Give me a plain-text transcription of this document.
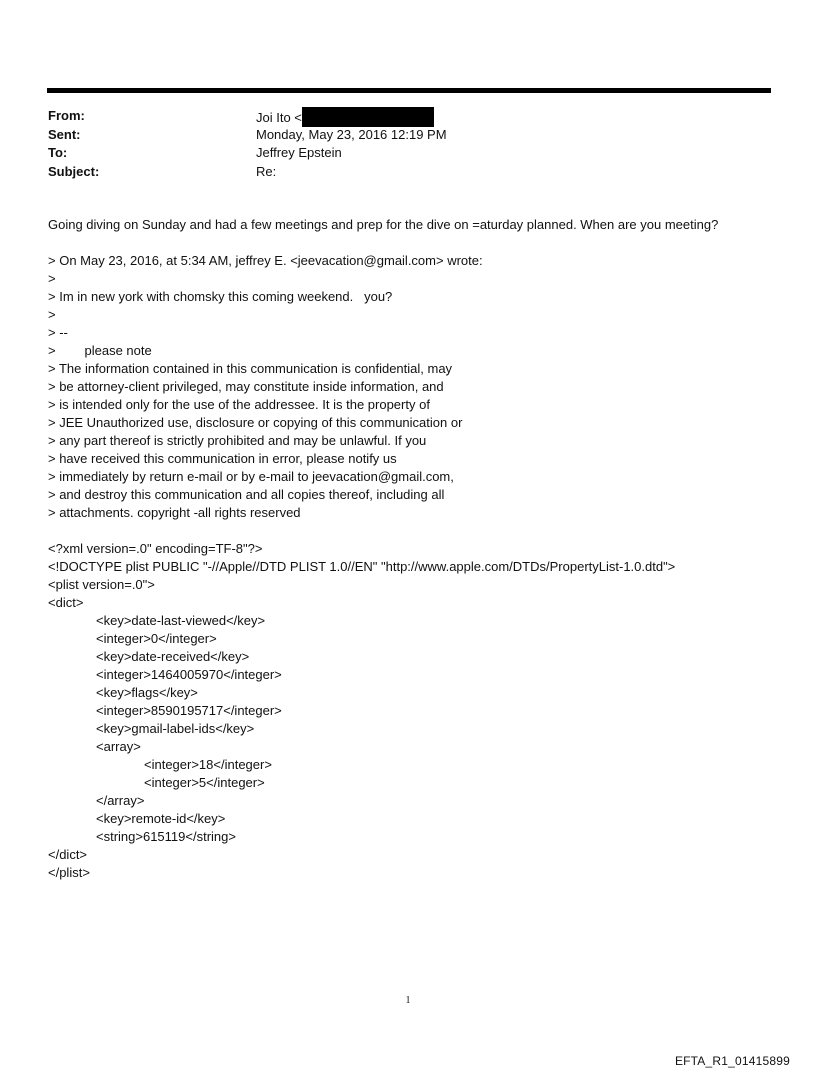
From:	Joi Ito <
Sent:	Monday, May 23, 2016 12:19 PM
To:	Jeffrey Epstein
Subject:	Re:
Going diving on Sunday and had a few meetings and prep for the dive on =aturday planned. When are you meeting?
> On May 23, 2016, at 5:34 AM, jeffrey E. <jeevacation@gmail.com> wrote:
>
> Im in new york with chomsky this coming weekend.   you?
>
> --
>        please note
> The information contained in this communication is confidential, may
> be attorney-client privileged, may constitute inside information, and
> is intended only for the use of the addressee. It is the property of
> JEE Unauthorized use, disclosure or copying of this communication or
> any part thereof is strictly prohibited and may be unlawful. If you
> have received this communication in error, please notify us
> immediately by return e-mail or by e-mail to jeevacation@gmail.com,
> and destroy this communication and all copies thereof, including all
> attachments. copyright -all rights reserved
<?xml version=.0" encoding=TF-8"?>
<!DOCTYPE plist PUBLIC "-//Apple//DTD PLIST 1.0//EN" "http://www.apple.com/DTDs/PropertyList-1.0.dtd">
<plist version=.0">
<dict>
<key>date-last-viewed</key>
<integer>0</integer>
<key>date-received</key>
<integer>1464005970</integer>
<key>flags</key>
<integer>8590195717</integer>
<key>gmail-label-ids</key>
<array>
<integer>18</integer>
<integer>5</integer>
</array>
<key>remote-id</key>
<string>615119</string>
</dict>
</plist>
1
EFTA_R1_01415899
